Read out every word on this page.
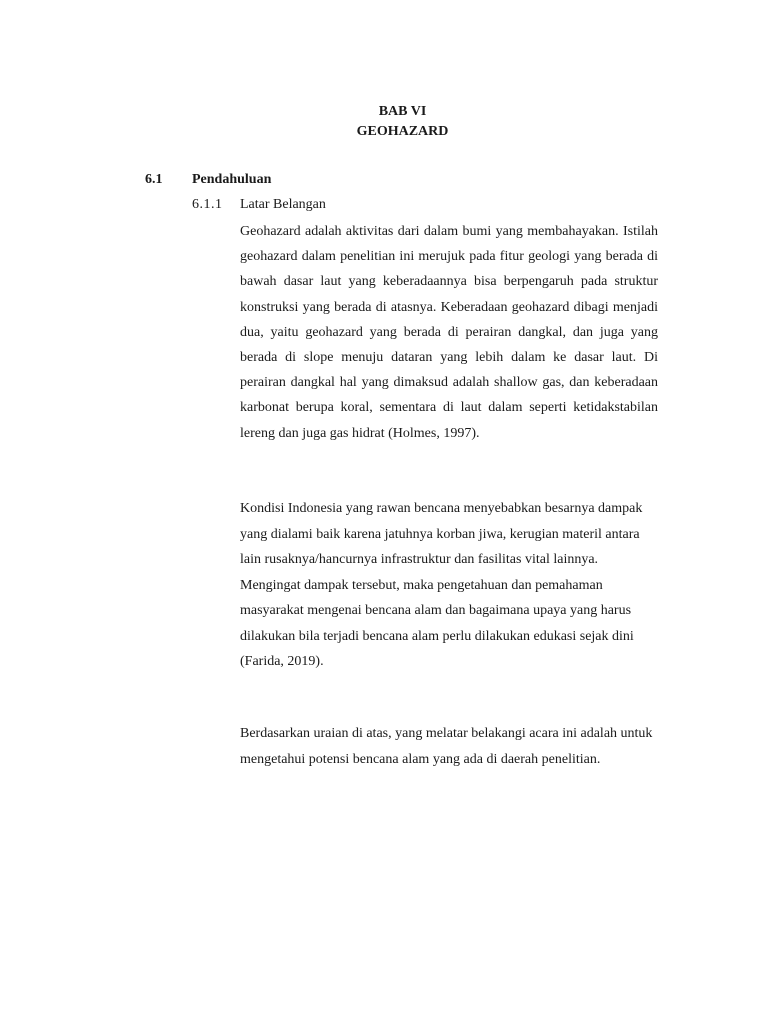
BAB VI
GEOHAZARD
6.1 Pendahuluan
6.1.1 Latar Belangan

Geohazard adalah aktivitas dari dalam bumi yang membahayakan. Istilah geohazard dalam penelitian ini merujuk pada fitur geologi yang berada di bawah dasar laut yang keberadaannya bisa berpengaruh pada struktur konstruksi yang berada di atasnya. Keberadaan geohazard dibagi menjadi dua, yaitu geohazard yang berada di perairan dangkal, dan juga yang berada di slope menuju dataran yang lebih dalam ke dasar laut. Di perairan dangkal hal yang dimaksud adalah shallow gas, dan keberadaan karbonat berupa koral, sementara di laut dalam seperti ketidakstabilan lereng dan juga gas hidrat (Holmes, 1997).

Kondisi Indonesia yang rawan bencana menyebabkan besarnya dampak yang dialami baik karena jatuhnya korban jiwa, kerugian materil antara lain rusaknya/hancurnya infrastruktur dan fasilitas vital lainnya. Mengingat dampak tersebut, maka pengetahuan dan pemahaman masyarakat mengenai bencana alam dan bagaimana upaya yang harus dilakukan bila terjadi bencana alam perlu dilakukan edukasi sejak dini (Farida, 2019).

Berdasarkan uraian di atas, yang melatar belakangi acara ini adalah untuk mengetahui potensi bencana alam yang ada di daerah penelitian.
